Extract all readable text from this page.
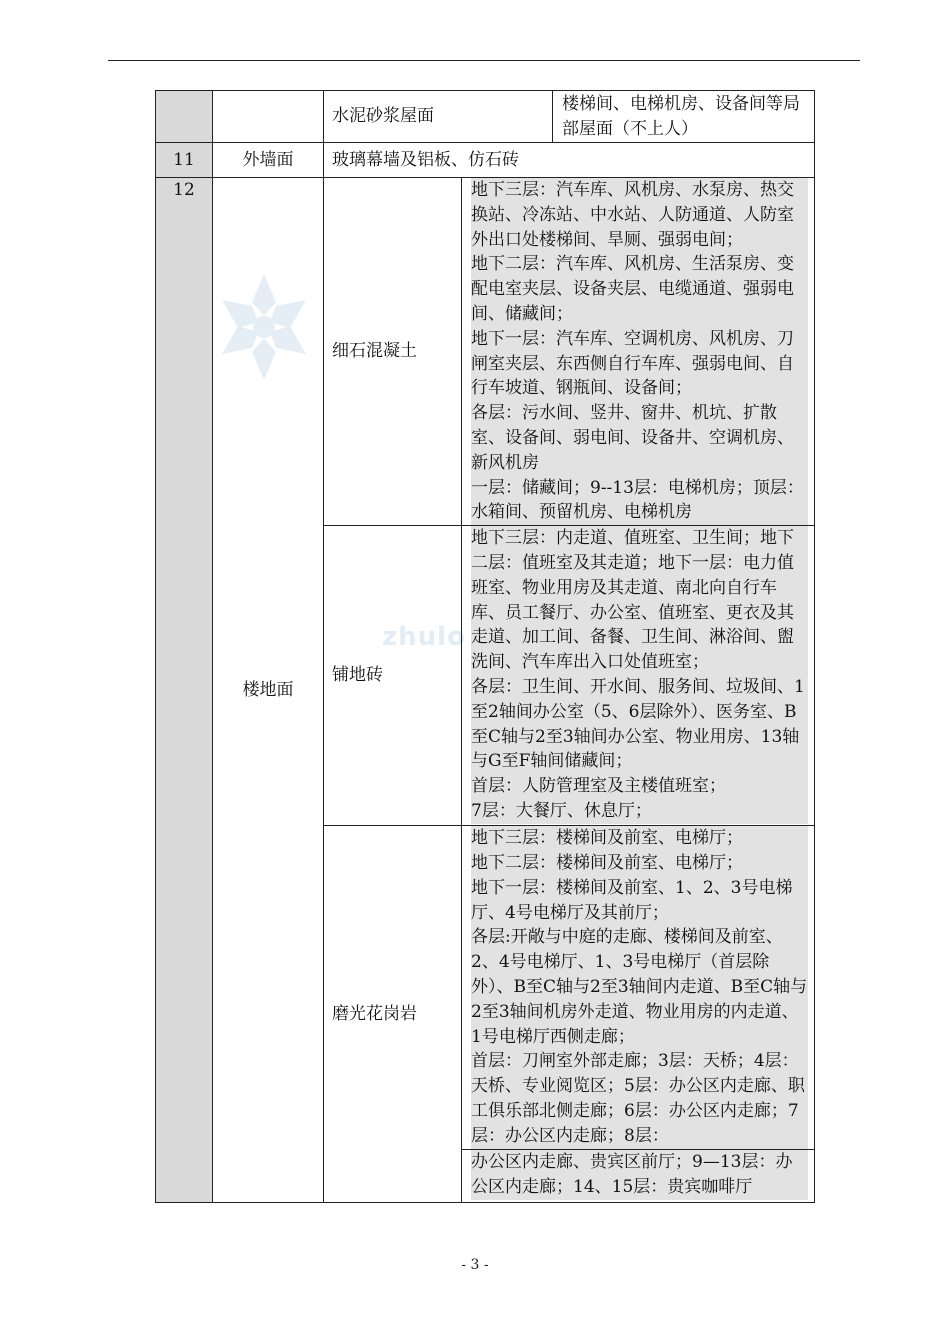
zhulo
		水泥砂浆屋面		楼梯间、电梯机房、设备间等局部屋面（不上人）
11	外墙面	玻璃幕墙及铝板、仿石砖		
12	楼地面	细石混凝土	地下三层：汽车库、风机房、水泵房、热交换站、冷冻站、中水站、人防通道、人防室外出口处楼梯间、旱厕、强弱电间；
地下二层：汽车库、风机房、生活泵房、变配电室夹层、设备夹层、电缆通道、强弱电间、储藏间；
地下一层：汽车库、空调机房、风机房、刀闸室夹层、东西侧自行车库、强弱电间、自行车坡道、钢瓶间、设备间；
各层：污水间、竖井、窗井、机坑、扩散室、设备间、弱电间、设备井、空调机房、新风机房
一层：储藏间；9--13层：电梯机房；顶层：水箱间、预留机房、电梯机房	

		铺地砖	地下三层：内走道、值班室、卫生间；地下二层：值班室及其走道；地下一层：电力值班室、物业用房及其走道、南北向自行车库、员工餐厅、办公室、值班室、更衣及其走道、加工间、备餐、卫生间、淋浴间、盥洗间、汽车库出入口处值班室；
各层：卫生间、开水间、服务间、垃圾间、1至2轴间办公室（5、6层除外）、医务室、B至C轴与2至3轴间办公室、物业用房、13轴与G至F轴间储藏间；
首层：人防管理室及主楼值班室；
7层：大餐厅、休息厅；	

		磨光花岗岩	地下三层：楼梯间及前室、电梯厅；
地下二层：楼梯间及前室、电梯厅；
地下一层：楼梯间及前室、1、2、3号电梯厅、4号电梯厅及其前厅；
各层:开敞与中庭的走廊、楼梯间及前室、2、4号电梯厅、1、3号电梯厅（首层除外）、B至C轴与2至3轴间内走道、B至C轴与2至3轴间机房外走道、物业用房的内走道、1号电梯厅西侧走廊；
首层：刀闸室外部走廊；3层：天桥；4层：天桥、专业阅览区；5层：办公区内走廊、职工俱乐部北侧走廊；6层：办公区内走廊；7层：办公区内走廊；8层：	

			办公区内走廊、贵宾区前厅；9—13层：办公区内走廊；14、15层：贵宾咖啡厅	
- 3 -
